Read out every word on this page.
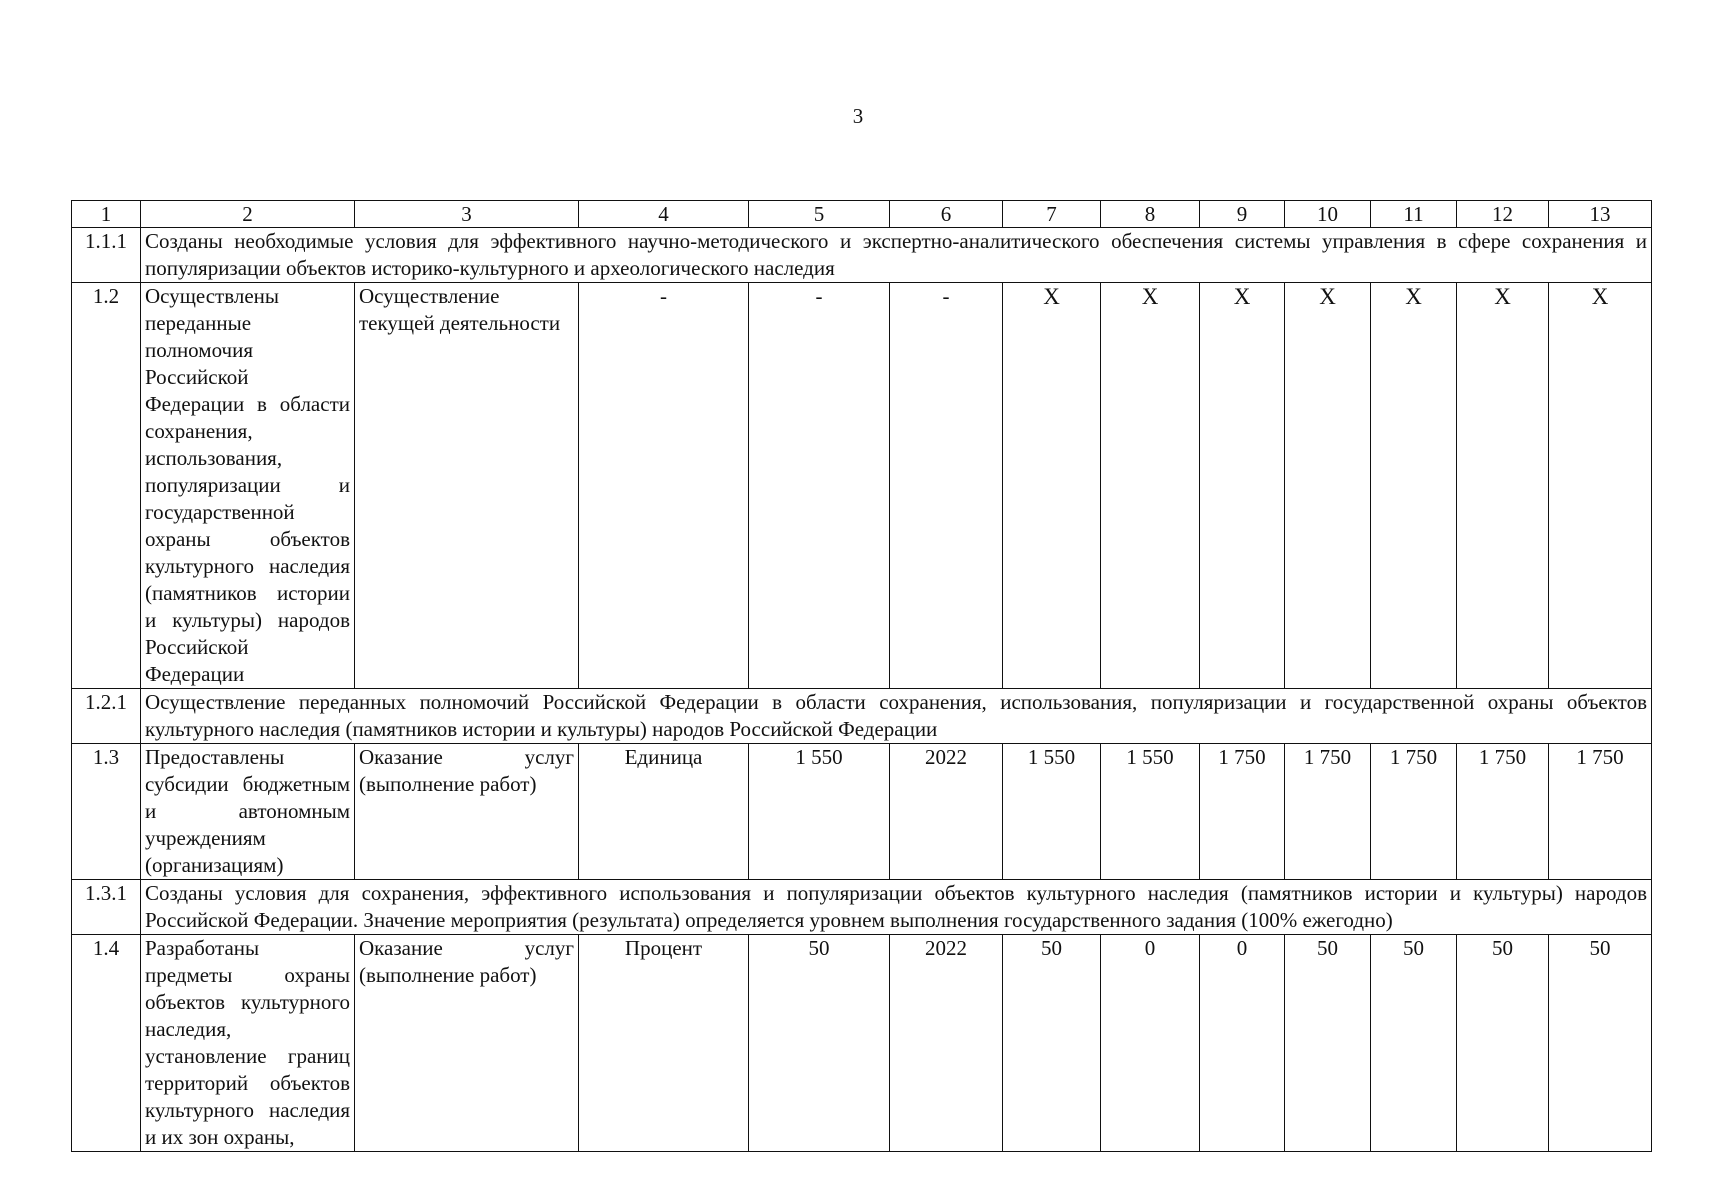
3
1	2	3	4	5	6	7	8	9	10	11	12	13
1.1.1	Созданы необходимые условия для эффективного научно-методического и экспертно-аналитического обеспечения системы управления в сфере сохранения и популяризации объектов историко-культурного и археологического наследия											
1.2	Осуществлены переданные полномочия Российской Федерации в области сохранения, использования, популяризации и государственной охраны объектов культурного наследия (памятников истории и культуры) народов Российской Федерации	Осуществление текущей деятельности	-	-	-	X	X	X	X	X	X	X
1.2.1	Осуществление переданных полномочий Российской Федерации в области сохранения, использования, популяризации и государственной охраны объектов культурного наследия (памятников истории и культуры) народов Российской Федерации											
1.3	Предоставлены субсидии бюджетным и автономным учреждениям (организациям)	Оказание услуг (выполнение работ)	Единица	1 550	2022	1 550	1 550	1 750	1 750	1 750	1 750	1 750
1.3.1	Созданы условия для сохранения, эффективного использования и популяризации объектов культурного наследия (памятников истории и культуры) народов Российской Федерации. Значение мероприятия (результата) определяется уровнем выполнения государственного задания (100% ежегодно)											
1.4	Разработаны предметы охраны объектов культурного наследия, установление границ территорий объектов культурного наследия и их зон охраны,	Оказание услуг (выполнение работ)	Процент	50	2022	50	0	0	50	50	50	50
